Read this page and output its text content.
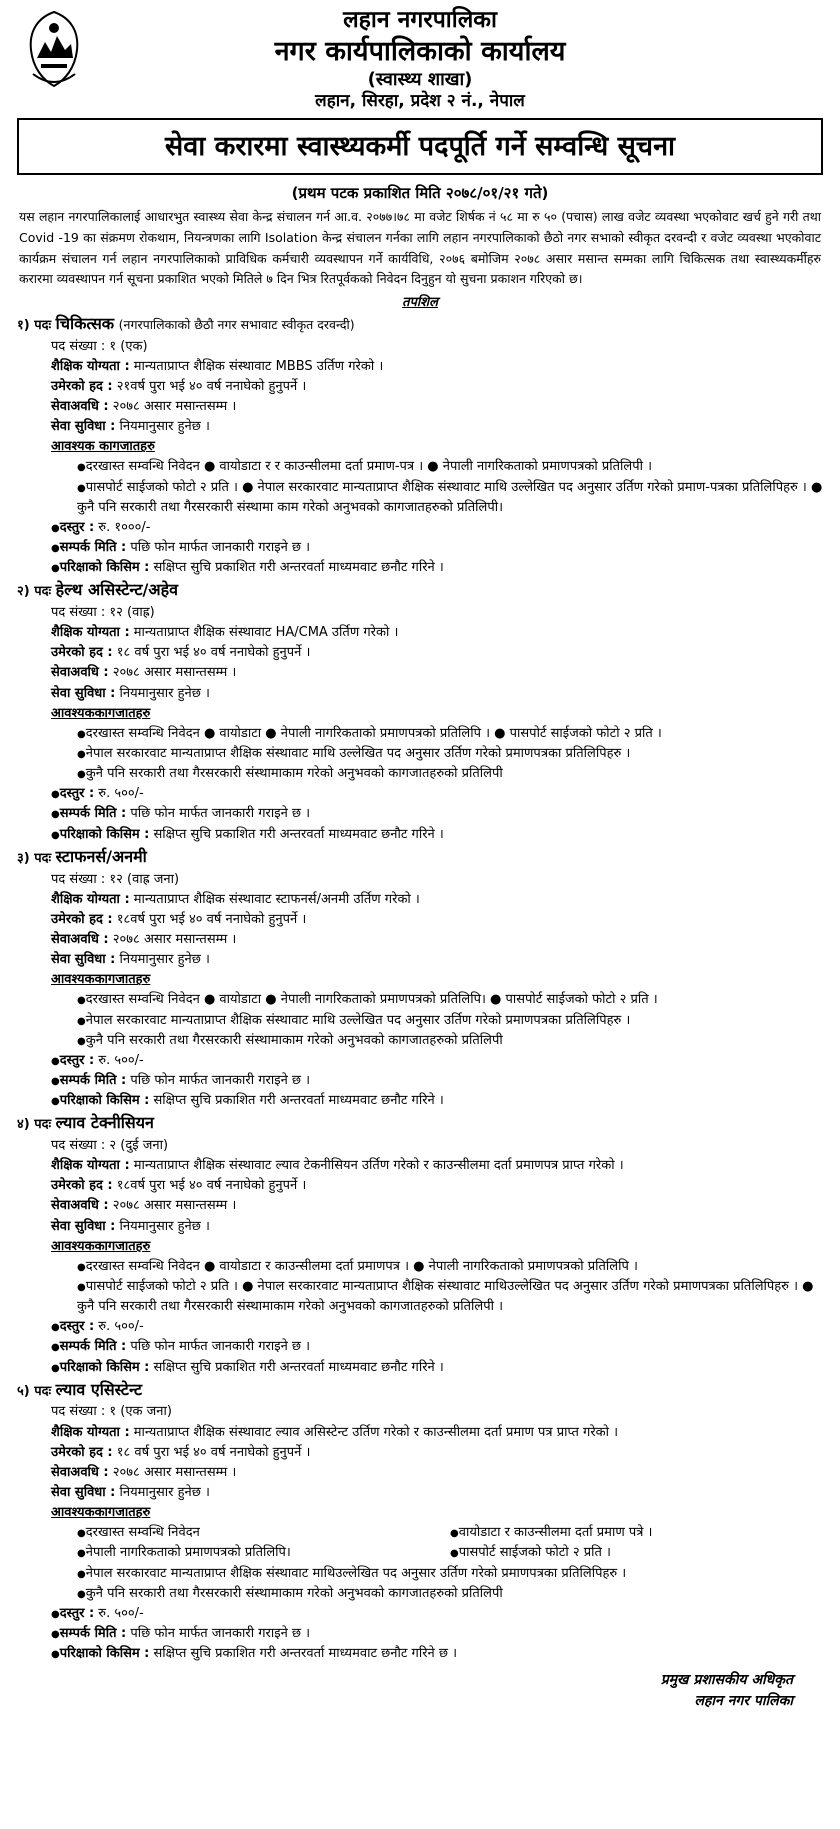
लहान नगरपालिका
नगर कार्यपालिकाको कार्यालय
(स्वास्थ्य शाखा)
लहान, सिरहा, प्रदेश २ नं., नेपाल
सेवा करारमा स्वास्थ्यकर्मी पदपूर्ति गर्ने सम्वन्धि सूचना
(प्रथम पटक प्रकाशित मिति २०७८/०१/२१ गते)
यस लहान नगरपालिकालाई आधारभुत स्वास्थ्य सेवा केन्द्र संचालन गर्न आ.व. २०७७।७८ मा वजेट शिर्षक नं ५८ मा रु ५० (पचास) लाख वजेट व्यवस्था भएकोवाट खर्च हुने गरी तथा Covid -19 का संक्रमण रोकथाम, नियन्त्रणका लागि Isolation केन्द्र संचालन गर्नका लागि लहान नगरपालिकाको छैठो नगर सभाको स्वीकृत दरवन्दी र वजेट व्यवस्था भएकोवाट कार्यक्रम संचालन गर्न लहान नगरपालिकाको प्राविधिक कर्मचारी व्यवस्थापन गर्ने कार्यविधि, २०७६ बमोजिम २०७८ असार मसान्त सम्मका लागि चिकित्सक तथा स्वास्थ्यकर्मीहरु करारमा व्यवस्थापन गर्न सूचना प्रकाशित भएको मितिले ७ दिन भित्र रितपूर्वकको निवेदन दिनुहुन यो सुचना प्रकाशन गरिएको छ।
तपशिल
१) पदः चिकित्सक (नगरपालिकाको छैठौ नगर सभावाट स्वीकृत दरवन्दी)
पद संख्या : १ (एक)
शैक्षिक योग्यता : मान्यताप्राप्त शैक्षिक संस्थावाट MBBS उर्तिण गरेको ।
उमेरको हद : २१वर्ष पुरा भई ४० वर्ष ननाघेको हुनुपर्ने ।
सेवाअवधि : २०७८ असार मसान्तसम्म ।
सेवा सुविधा : नियमानुसार हुनेछ ।
आवश्यक कागजातहरु
● दरखास्त सम्वन्धि निवेदन ● वायोडाटा र र काउन्सीलमा दर्ता प्रमाण-पत्र । ● नेपाली नागरिकताको प्रमाणपत्रको प्रतिलिपी ।
● पासपोर्ट साईजको फोटो २ प्रति । ● नेपाल सरकारवाट मान्यताप्राप्त शैक्षिक संस्थावाट माथि उल्लेखित पद अनुसार उर्तिण गरेको प्रमाण-पत्रका प्रतिलिपिहरु । ● कुनै पनि सरकारी तथा गैरसरकारी संस्थामा काम गरेको अनुभवको कागजातहरुको प्रतिलिपी।
● दस्तुर : रु. १०००/-
● सम्पर्क मिति : पछि फोन मार्फत जानकारी गराइने छ ।
● परिक्षाको किसिम : सक्षिप्त सुचि प्रकाशित गरी अन्तरवर्ता माध्यमवाट छनौट गरिने ।
२) पदः हेल्थ असिस्टेन्ट/अहेव
पद संख्या : १२ (वाह्र)
शैक्षिक योग्यता : मान्यताप्राप्त शैक्षिक संस्थावाट HA/CMA उर्तिण गरेको ।
उमेरको हद : १८ वर्ष पुरा भई ४० वर्ष ननाघेको हुनुपर्ने ।
सेवाअवधि : २०७८ असार मसान्तसम्म ।
सेवा सुविधा : नियमानुसार हुनेछ ।
आवश्यककागजातहरु
● दरखास्त सम्वन्धि निवेदन ● वायोडाटा ● नेपाली नागरिकताको प्रमाणपत्रको प्रतिलिपि । ● पासपोर्ट साईजको फोटो २ प्रति ।
● नेपाल सरकारवाट मान्यताप्राप्त शैक्षिक संस्थावाट माथि उल्लेखित पद अनुसार उर्तिण गरेको प्रमाणपत्रका प्रतिलिपिहरु ।
● कुनै पनि सरकारी तथा गैरसरकारी संस्थामाकाम गरेको अनुभवको कागजातहरुको प्रतिलिपी
● दस्तुर : रु. ५००/-
● सम्पर्क मिति : पछि फोन मार्फत जानकारी गराइने छ ।
● परिक्षाको किसिम : सक्षिप्त सुचि प्रकाशित गरी अन्तरवर्ता माध्यमवाट छनौट गरिने ।
३) पदः स्टाफनर्स/अनमी
पद संख्या : १२ (वाह्र जना)
शैक्षिक योग्यता : मान्यताप्राप्त शैक्षिक संस्थावाट स्टाफनर्स/अनमी उर्तिण गरेको ।
उमेरको हद : १८वर्ष पुरा भई ४० वर्ष ननाघेको हुनुपर्ने ।
सेवाअवधि : २०७८ असार मसान्तसम्म ।
सेवा सुविधा : नियमानुसार हुनेछ ।
आवश्यककागजातहरु
● दरखास्त सम्वन्धि निवेदन ● वायोडाटा ● नेपाली नागरिकताको प्रमाणपत्रको प्रतिलिपि। ● पासपोर्ट साईजको फोटो २ प्रति ।
● नेपाल सरकारवाट मान्यताप्राप्त शैक्षिक संस्थावाट माथि उल्लेखित पद अनुसार उर्तिण गरेको प्रमाणपत्रका प्रतिलिपिहरु ।
● कुनै पनि सरकारी तथा गैरसरकारी संस्थामाकाम गरेको अनुभवको कागजातहरुको प्रतिलिपी
● दस्तुर : रु. ५००/-
● सम्पर्क मिति : पछि फोन मार्फत जानकारी गराइने छ ।
● परिक्षाको किसिम : सक्षिप्त सुचि प्रकाशित गरी अन्तरवर्ता माध्यमवाट छनौट गरिने ।
४) पदः ल्याव टेक्नीसियन
पद संख्या : २ (दुई जना)
शैक्षिक योग्यता : मान्यताप्राप्त शैक्षिक संस्थावाट ल्याव टेकनीसियन उर्तिण गरेको र काउन्सीलमा दर्ता प्रमाणपत्र प्राप्त गरेको ।
उमेरको हद : १८वर्ष पुरा भई ४० वर्ष ननाघेको हुनुपर्ने ।
सेवाअवधि : २०७८ असार मसान्तसम्म ।
सेवा सुविधा : नियमानुसार हुनेछ ।
आवश्यककागजातहरु
● दरखास्त सम्वन्धि निवेदन ● वायोडाटा र काउन्सीलमा दर्ता प्रमाणपत्र । ● नेपाली नागरिकताको प्रमाणपत्रको प्रतिलिपि ।
● पासपोर्ट साईजको फोटो २ प्रति । ● नेपाल सरकारवाट मान्यताप्राप्त शैक्षिक संस्थावाट माथिउल्लेखित पद अनुसार उर्तिण गरेको प्रमाणपत्रका प्रतिलिपिहरु । ● कुनै पनि सरकारी तथा गैरसरकारी संस्थामाकाम गरेको अनुभवको कागजातहरुको प्रतिलिपी ।
● दस्तुर : रु. ५००/-
● सम्पर्क मिति : पछि फोन मार्फत जानकारी गराइने छ ।
● परिक्षाको किसिम : सक्षिप्त सुचि प्रकाशित गरी अन्तरवर्ता माध्यमवाट छनौट गरिने ।
५) पदः ल्याव एसिस्टेन्ट
पद संख्या : १ (एक जना)
शैक्षिक योग्यता : मान्यताप्राप्त शैक्षिक संस्थावाट ल्याव असिस्टेन्ट उर्तिण गरेको र काउन्सीलमा दर्ता प्रमाण पत्र प्राप्त गरेको ।
उमेरको हद : १८ वर्ष पुरा भई ४० वर्ष ननाघेको हुनुपर्ने ।
सेवाअवधि : २०७८ असार मसान्तसम्म ।
सेवा सुविधा : नियमानुसार हुनेछ ।
आवश्यककागजातहरु
● दरखास्त सम्वन्धि निवेदन	● वायोडाटा र काउन्सीलमा दर्ता प्रमाण पत्रे ।
● नेपाली नागरिकताको प्रमाणपत्रको प्रतिलिपि।	● पासपोर्ट साईजको फोटो २ प्रति ।
● नेपाल सरकारवाट मान्यताप्राप्त शैक्षिक संस्थावाट माथिउल्लेखित पद अनुसार उर्तिण गरेको प्रमाणपत्रका प्रतिलिपिहरु ।
● कुनै पनि सरकारी तथा गैरसरकारी संस्थामाकाम गरेको अनुभवको कागजातहरुको प्रतिलिपी
● दस्तुर : रु. ५००/-
● सम्पर्क मिति : पछि फोन मार्फत जानकारी गराइने छ ।
● परिक्षाको किसिम : सक्षिप्त सुचि प्रकाशित गरी अन्तरवर्ता माध्यमवाट छनौट गरिने छ ।
प्रमुख प्रशासकीय अधिकृत
लहान नगर पालिका
